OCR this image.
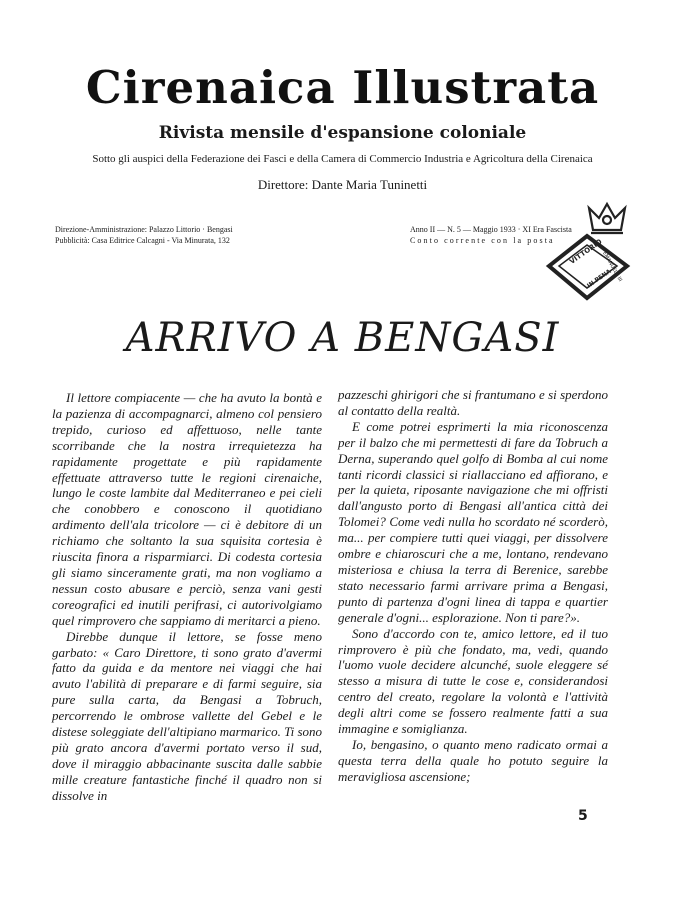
Cirenaica Illustrata
Rivista mensile d'espansione coloniale
Sotto gli auspici della Federazione dei Fasci e della Camera di Commercio Industria e Agricoltura della Cirenaica
Direttore: Dante Maria Tuninetti
Direzione-Amministrazione: Palazzo Littorio · Bengasi
Pubblicità: Casa Editrice Calcagni - Via Minurata, 132
Anno II — N. 5 — Maggio 1933 · XI Era Fascista
Conto corrente con la posta	VITTORIO
EMANUELE III
IN PENA
ARRIVO A BENGASI

Il lettore compiacente — che ha avuto la bontà e la pazienza di accompagnarci, almeno col pensiero trepido, curioso ed affettuoso, nelle tante scorribande che la nostra irrequietezza ha rapidamente progettate e più rapidamente effettuate attraverso tutte le regioni cirenaiche, lungo le coste lambite dal Mediterraneo e pei cieli che conobbero e conoscono il quotidiano ardimento dell'ala tricolore — ci è debitore di un richiamo che soltanto la sua squisita cortesia è riuscita finora a risparmiarci. Di codesta cortesia gli siamo sinceramente grati, ma non vogliamo a nessun costo abusare e perciò, senza vani gesti coreografici ed inutili perifrasi, ci autorivolgiamo quel rimprovero che sappiamo di meritarci a pieno.

Direbbe dunque il lettore, se fosse meno garbato: « Caro Direttore, ti sono grato d'avermi fatto da guida e da mentore nei viaggi che hai avuto l'abilità di preparare e di farmi seguire, sia pure sulla carta, da Bengasi a Tobruch, percorrendo le ombrose vallette del Gebel e le distese soleggiate dell'altipiano marmarico. Ti sono più grato ancora d'avermi portato verso il sud, dove il miraggio abbacinante suscita dalle sabbie mille creature fantastiche finché il quadro non si dissolve in

pazzeschi ghirigori che si frantumano e si sperdono al contatto della realtà.

E come potrei esprimerti la mia riconoscenza per il balzo che mi permettesti di fare da Tobruch a Derna, superando quel golfo di Bomba al cui nome tanti ricordi classici si riallacciano ed affiorano, e per la quieta, riposante navigazione che mi offristi dall'angusto porto di Bengasi all'antica città dei Tolomei? Come vedi nulla ho scordato né scorderò, ma... per compiere tutti quei viaggi, per dissolvere ombre e chiaroscuri che a me, lontano, rendevano misteriosa e chiusa la terra di Berenice, sarebbe stato necessario farmi arrivare prima a Bengasi, punto di partenza d'ogni linea di tappa e quartier generale d'ogni... esplorazione. Non ti pare?».

Sono d'accordo con te, amico lettore, ed il tuo rimprovero è più che fondato, ma, vedi, quando l'uomo vuole decidere alcunché, suole eleggere sé stesso a misura di tutte le cose e, considerandosi centro del creato, regolare la volontà e l'attività degli altri come se fossero realmente fatti a sua immagine e somiglianza.

Io, bengasino, o quanto meno radicato ormai a questa terra della quale ho potuto seguire la meravigliosa ascensione;

5
